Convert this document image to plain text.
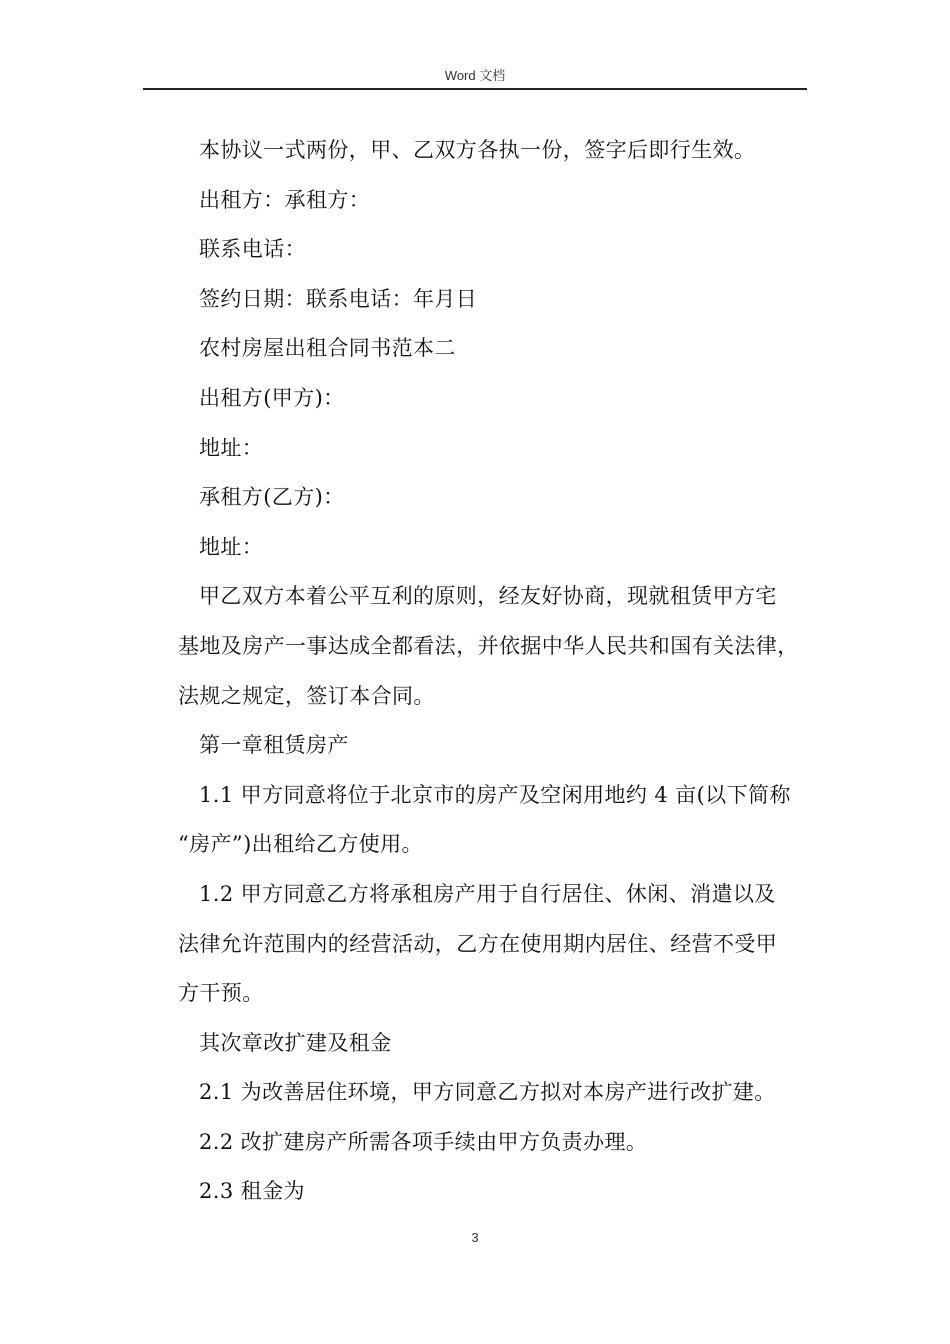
Word 文档

本协议一式两份，甲、乙双方各执一份，签字后即行生效。

出租方：承租方：

联系电话：

签约日期：联系电话：年月日

农村房屋出租合同书范本二

出租方(甲方)：

地址：

承租方(乙方)：

地址：

甲乙双方本着公平互利的原则，经友好协商，现就租赁甲方宅

基地及房产一事达成全都看法，并依据中华人民共和国有关法律，

法规之规定，签订本合同。

第一章租赁房产

1.1 甲方同意将位于北京市的房产及空闲用地约 4 亩(以下简称

“房产”)出租给乙方使用。

1.2 甲方同意乙方将承租房产用于自行居住、休闲、消遣以及

法律允许范围内的经营活动，乙方在使用期内居住、经营不受甲

方干预。

其次章改扩建及租金

2.1 为改善居住环境，甲方同意乙方拟对本房产进行改扩建。

2.2 改扩建房产所需各项手续由甲方负责办理。

2.3 租金为

3
